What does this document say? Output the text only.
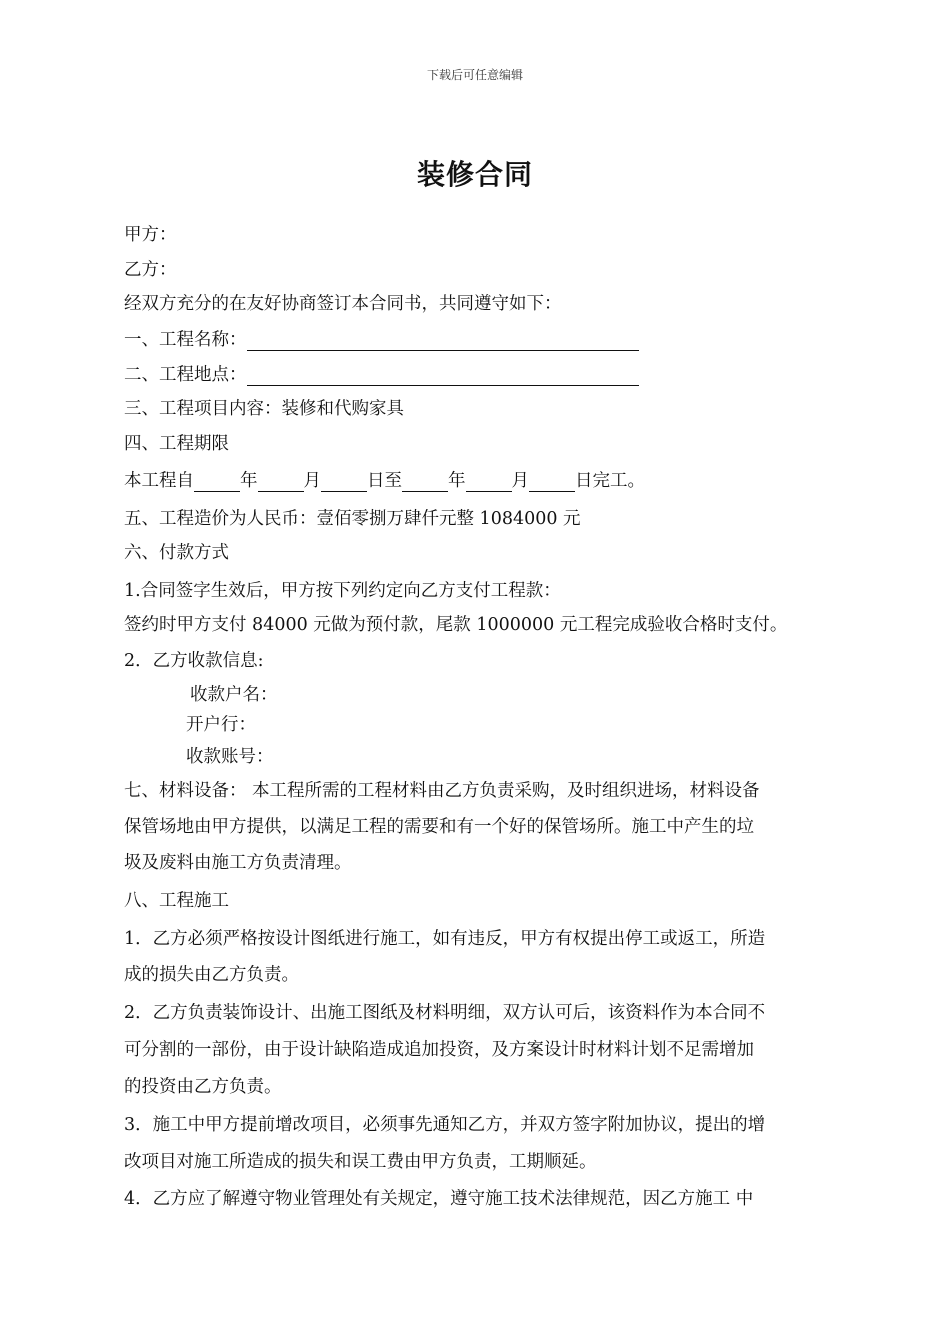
下载后可任意编辑
装修合同
甲方：
乙方：
经双方充分的在友好协商签订本合同书，共同遵守如下：
一、工程名称：
二、工程地点：
三、工程项目内容：装修和代购家具
四、工程期限
本工程自	年	月	日至	年	月	日完工。
五、工程造价为人民币：壹佰零捌万肆仟元整 1084000 元
六、付款方式
1.合同签字生效后，甲方按下列约定向乙方支付工程款：
签约时甲方支付 84000 元做为预付款，尾款 1000000 元工程完成验收合格时支付。
2．乙方收款信息:
收款户名：
开户行：
收款账号：
七、材料设备： 本工程所需的工程材料由乙方负责采购，及时组织进场，材料设备
保管场地由甲方提供，以满足工程的需要和有一个好的保管场所。施工中产生的垃
圾及废料由施工方负责清理。
八、工程施工
1．乙方必须严格按设计图纸进行施工，如有违反，甲方有权提出停工或返工，所造
成的损失由乙方负责。
2．乙方负责装饰设计、出施工图纸及材料明细，双方认可后，该资料作为本合同不
可分割的一部份，由于设计缺陷造成追加投资，及方案设计时材料计划不足需增加
的投资由乙方负责。
3．施工中甲方提前增改项目，必须事先通知乙方，并双方签字附加协议，提出的增
改项目对施工所造成的损失和误工费由甲方负责，工期顺延。
4．乙方应了解遵守物业管理处有关规定，遵守施工技术法律规范，因乙方施工 中
